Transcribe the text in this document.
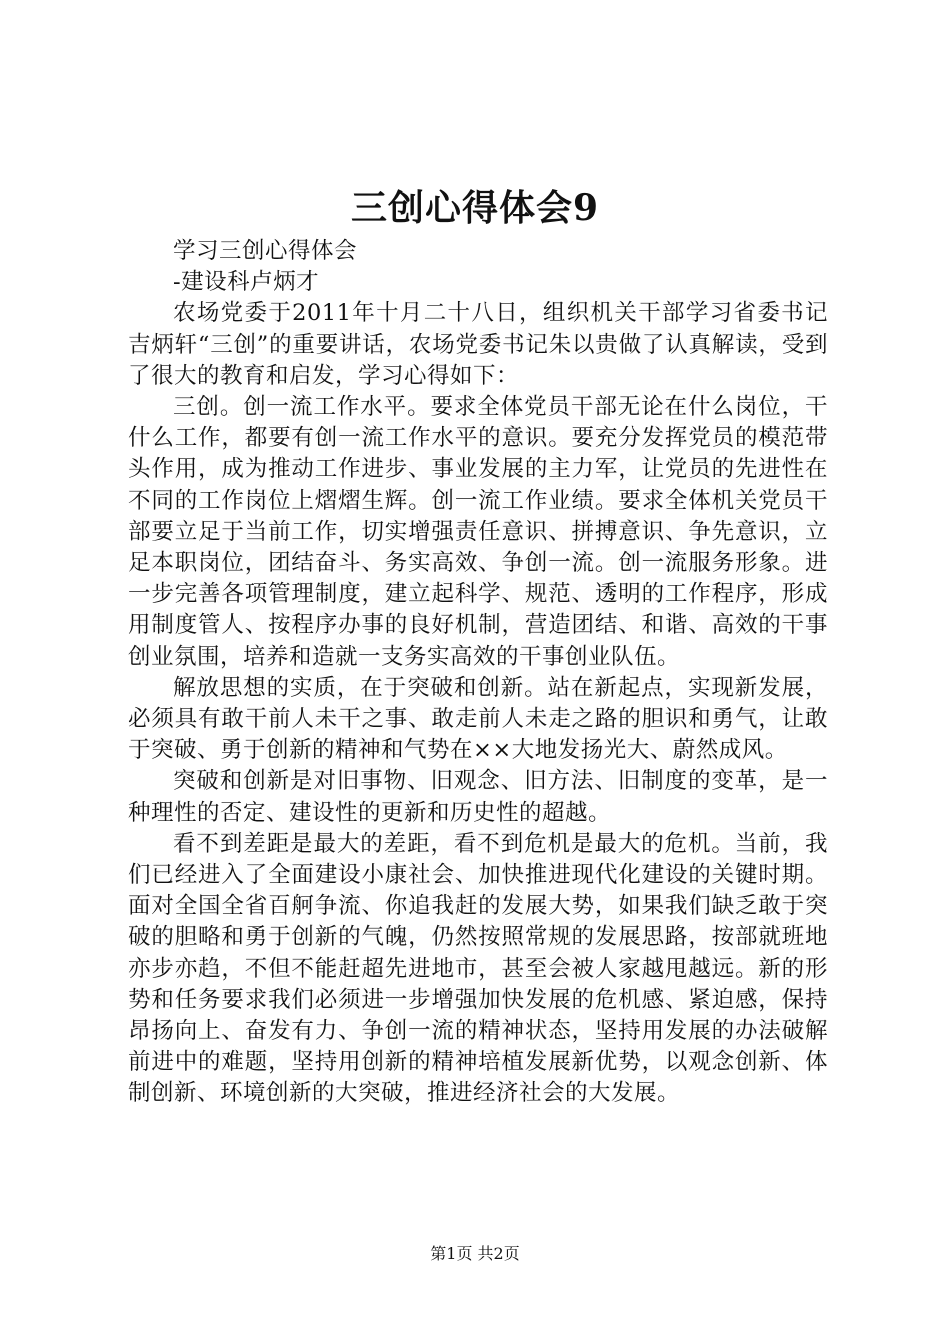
三创心得体会9

学习三创心得体会

-建设科卢炳才

农场党委于2011年十月二十八日，组织机关干部学习省委书记吉炳轩“三创”的重要讲话，农场党委书记朱以贵做了认真解读，受到了很大的教育和启发，学习心得如下：

三创。创一流工作水平。要求全体党员干部无论在什么岗位，干什么工作，都要有创一流工作水平的意识。要充分发挥党员的模范带头作用，成为推动工作进步、事业发展的主力军，让党员的先进性在不同的工作岗位上熠熠生辉。创一流工作业绩。要求全体机关党员干部要立足于当前工作，切实增强责任意识、拼搏意识、争先意识，立足本职岗位，团结奋斗、务实高效、争创一流。创一流服务形象。进一步完善各项管理制度，建立起科学、规范、透明的工作程序，形成用制度管人、按程序办事的良好机制，营造团结、和谐、高效的干事创业氛围，培养和造就一支务实高效的干事创业队伍。

解放思想的实质，在于突破和创新。站在新起点，实现新发展，必须具有敢干前人未干之事、敢走前人未走之路的胆识和勇气，让敢于突破、勇于创新的精神和气势在××大地发扬光大、蔚然成风。

突破和创新是对旧事物、旧观念、旧方法、旧制度的变革，是一种理性的否定、建设性的更新和历史性的超越。

看不到差距是最大的差距，看不到危机是最大的危机。当前，我们已经进入了全面建设小康社会、加快推进现代化建设的关键时期。面对全国全省百舸争流、你追我赶的发展大势，如果我们缺乏敢于突破的胆略和勇于创新的气魄，仍然按照常规的发展思路，按部就班地亦步亦趋，不但不能赶超先进地市，甚至会被人家越甩越远。新的形势和任务要求我们必须进一步增强加快发展的危机感、紧迫感，保持昂扬向上、奋发有力、争创一流的精神状态，坚持用发展的办法破解前进中的难题，坚持用创新的精神培植发展新优势，以观念创新、体制创新、环境创新的大突破，推进经济社会的大发展。

第1页 共2页
